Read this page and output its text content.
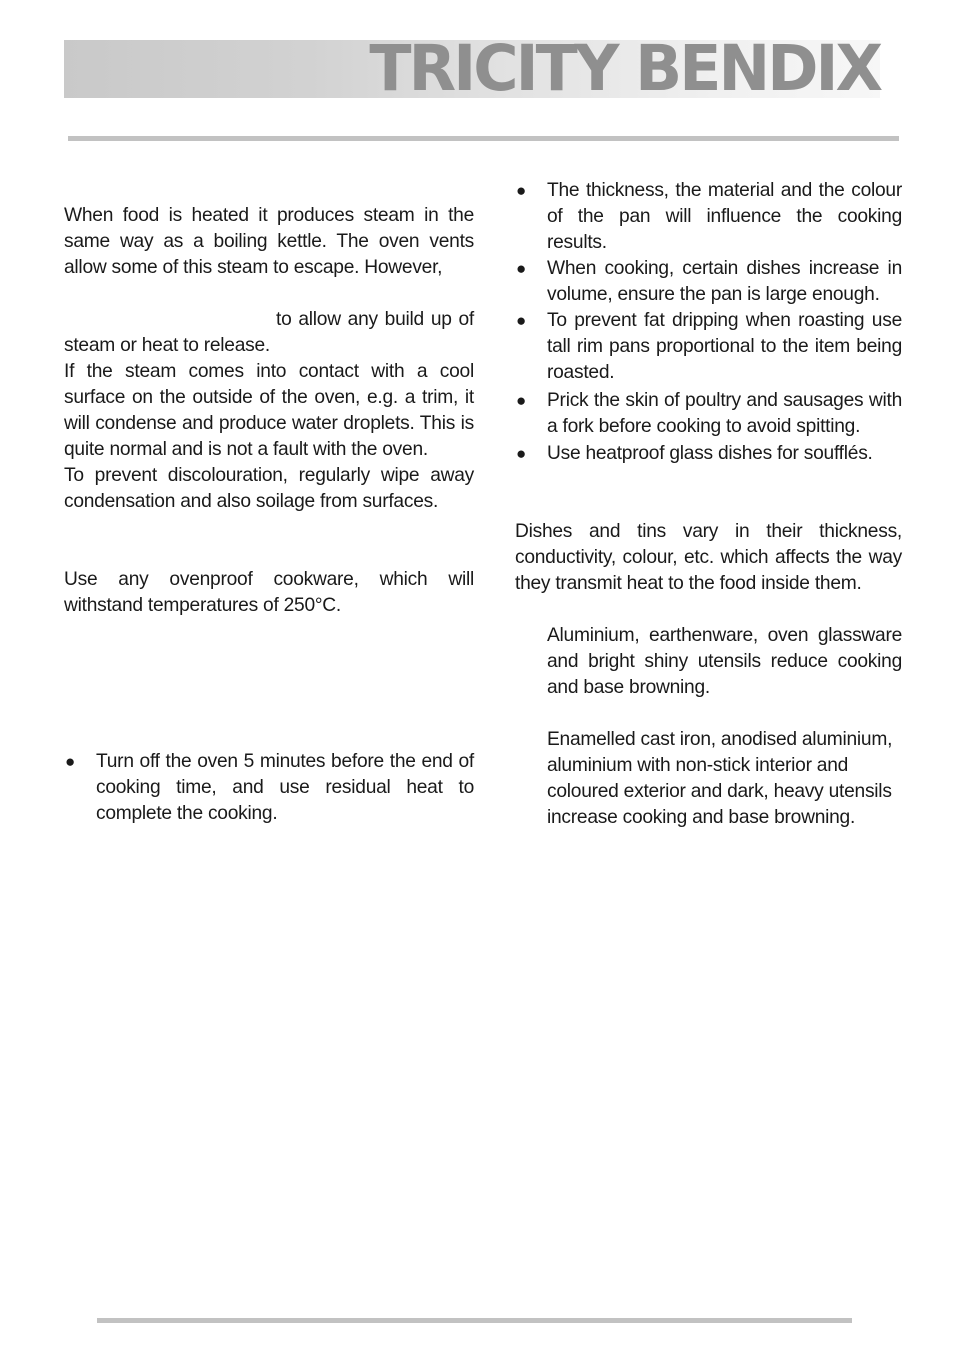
TRICITY BENDIX

When food is heated it produces steam in the same way as a boiling kettle. The oven vents allow some of this steam to escape. However,

to allow any build up of steam or heat to release.

If the steam comes into contact with a cool surface on the outside of the oven, e.g. a trim, it will condense and produce water droplets. This is quite normal and is not a fault with the oven.

To prevent discolouration, regularly wipe away condensation and also soilage from surfaces.

Use any ovenproof cookware, which will withstand temperatures of 250°C.

●	Turn off the oven 5 minutes before the end of cooking time, and use residual heat to complete the cooking.
●	The thickness, the material and the colour of the pan will influence the cooking results.
●	When cooking, certain dishes increase in volume, ensure the pan is large enough.
●	To prevent fat dripping when roasting use tall rim pans proportional to the item being roasted.
●	Prick the skin of poultry and sausages with a fork before cooking to avoid spitting.
●	Use heatproof glass dishes for soufflés.

Dishes and tins vary in their thickness, conductivity, colour, etc. which affects the way they transmit heat to the food inside them.

Aluminium, earthenware, oven glassware and bright shiny utensils reduce cooking and base browning.

Enamelled cast iron, anodised aluminium, aluminium with non-stick interior and coloured exterior and dark, heavy utensils increase cooking and base browning.
